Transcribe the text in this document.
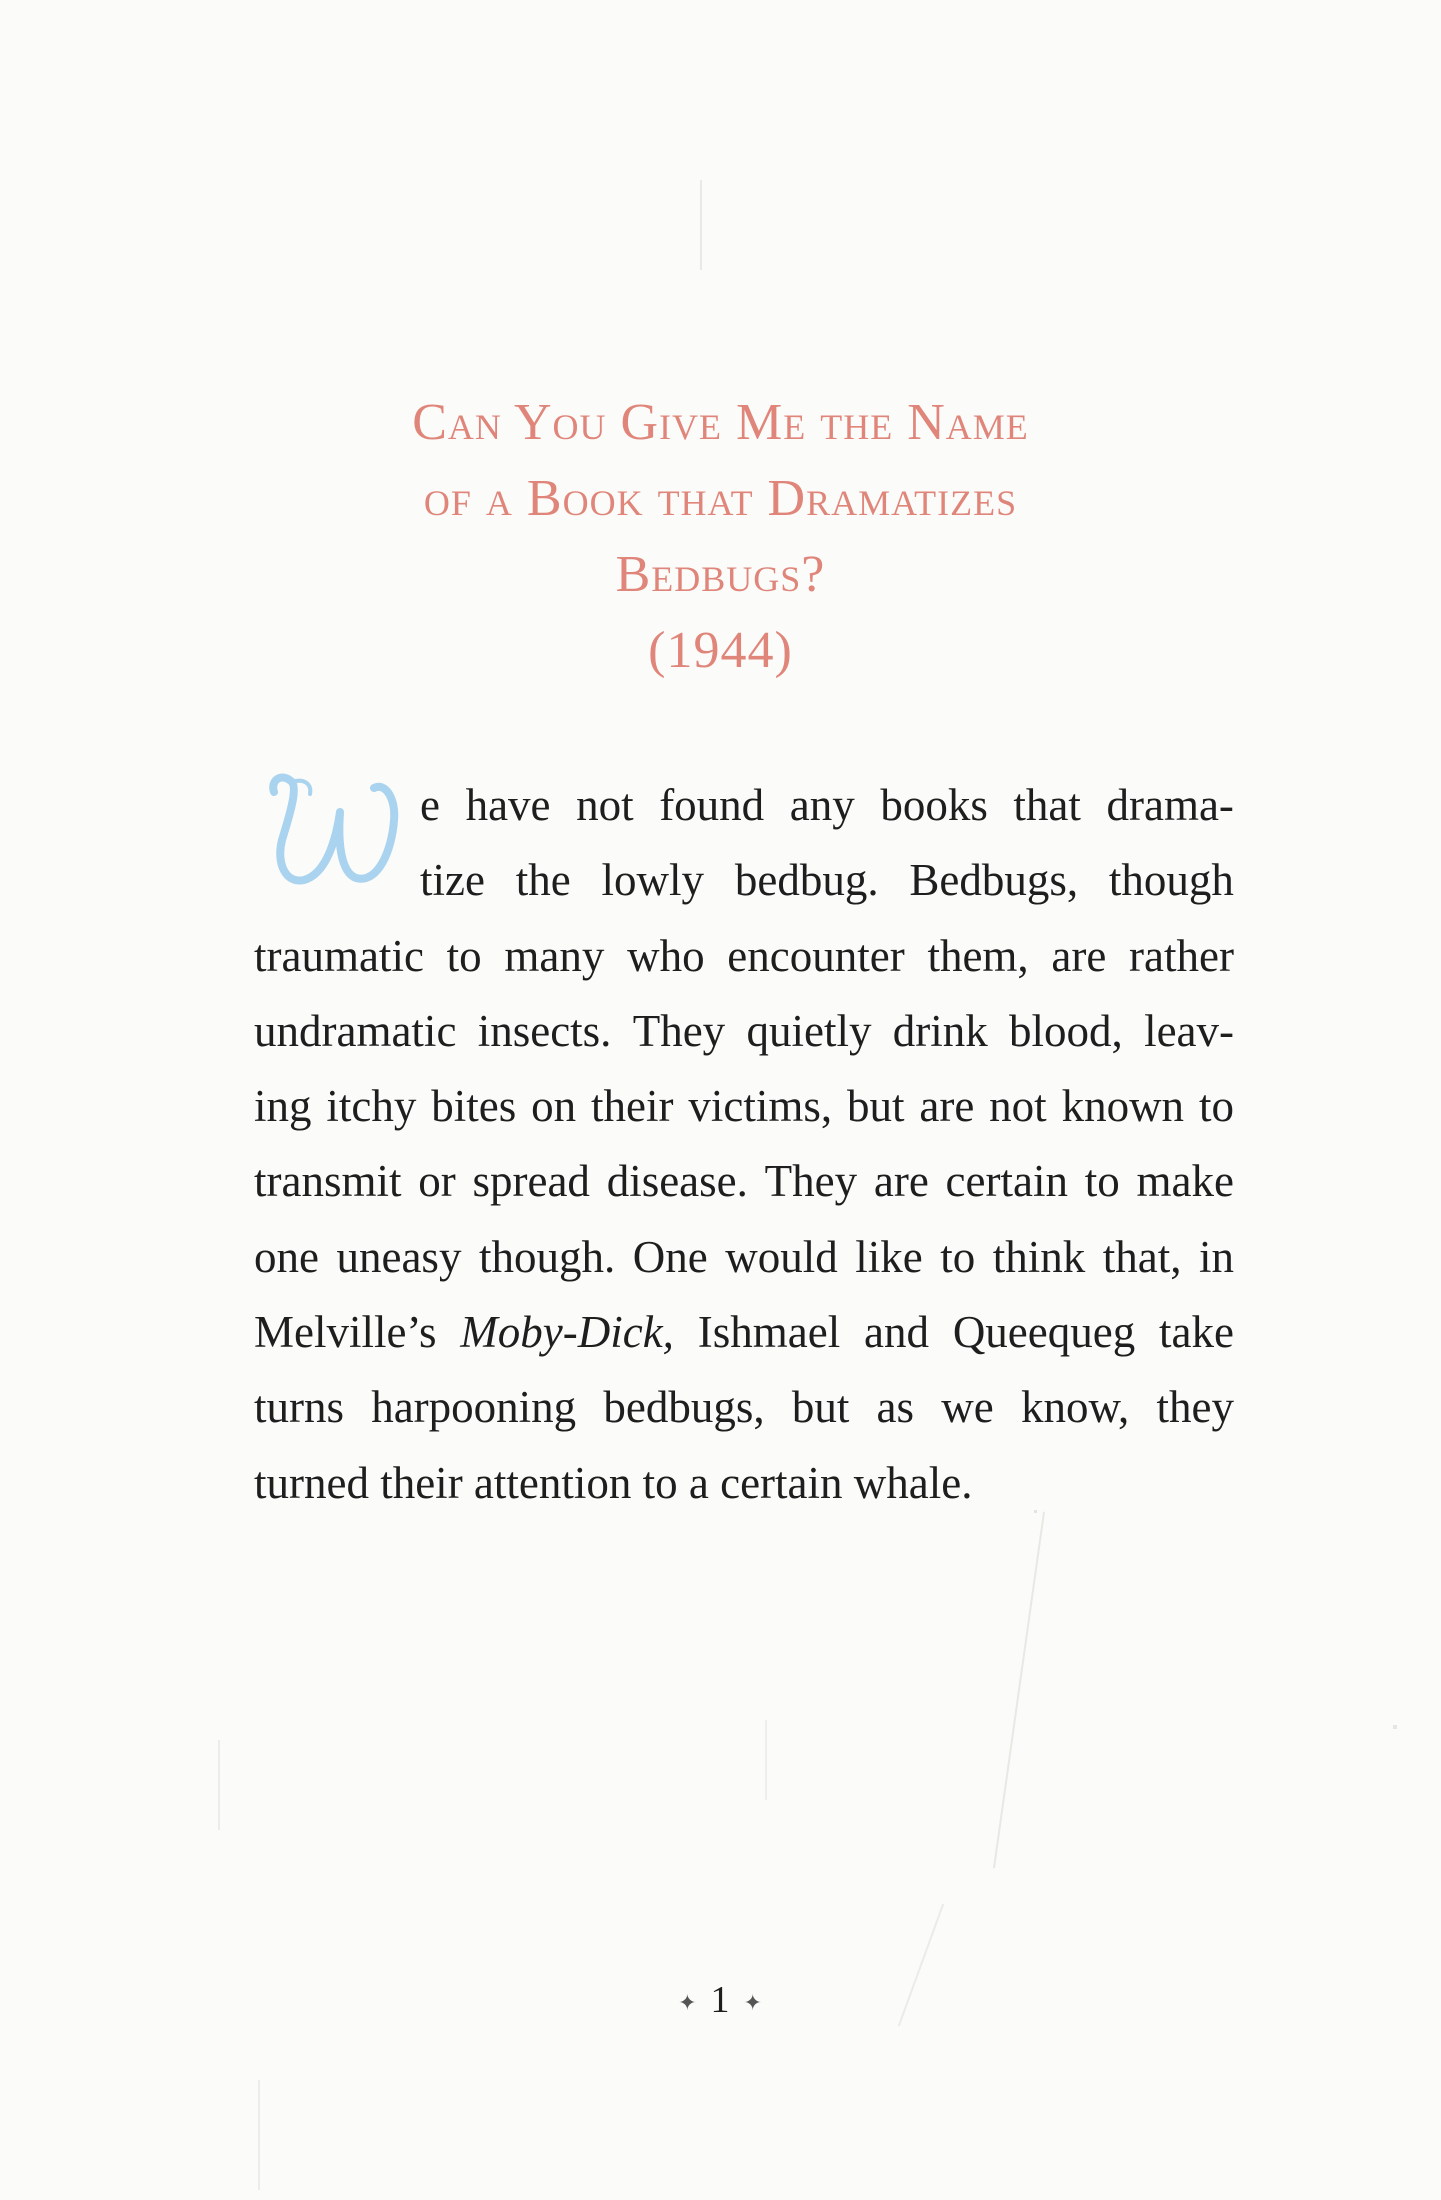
Can You Give Me the Name
of a Book that Dramatizes
Bedbugs?
(1944)
e have not found any books that drama-
tize the lowly bedbug. Bedbugs, though
traumatic to many who encounter them, are rather
undramatic insects. They quietly drink blood, leav-
ing itchy bites on their victims, but are not known to
transmit or spread disease. They are certain to make
one uneasy though. One would like to think that, in
Melville’s Moby-Dick, Ishmael and Queequeg take
turns harpooning bedbugs, but as we know, they
turned their attention to a certain whale.
✦ 1 ✦
